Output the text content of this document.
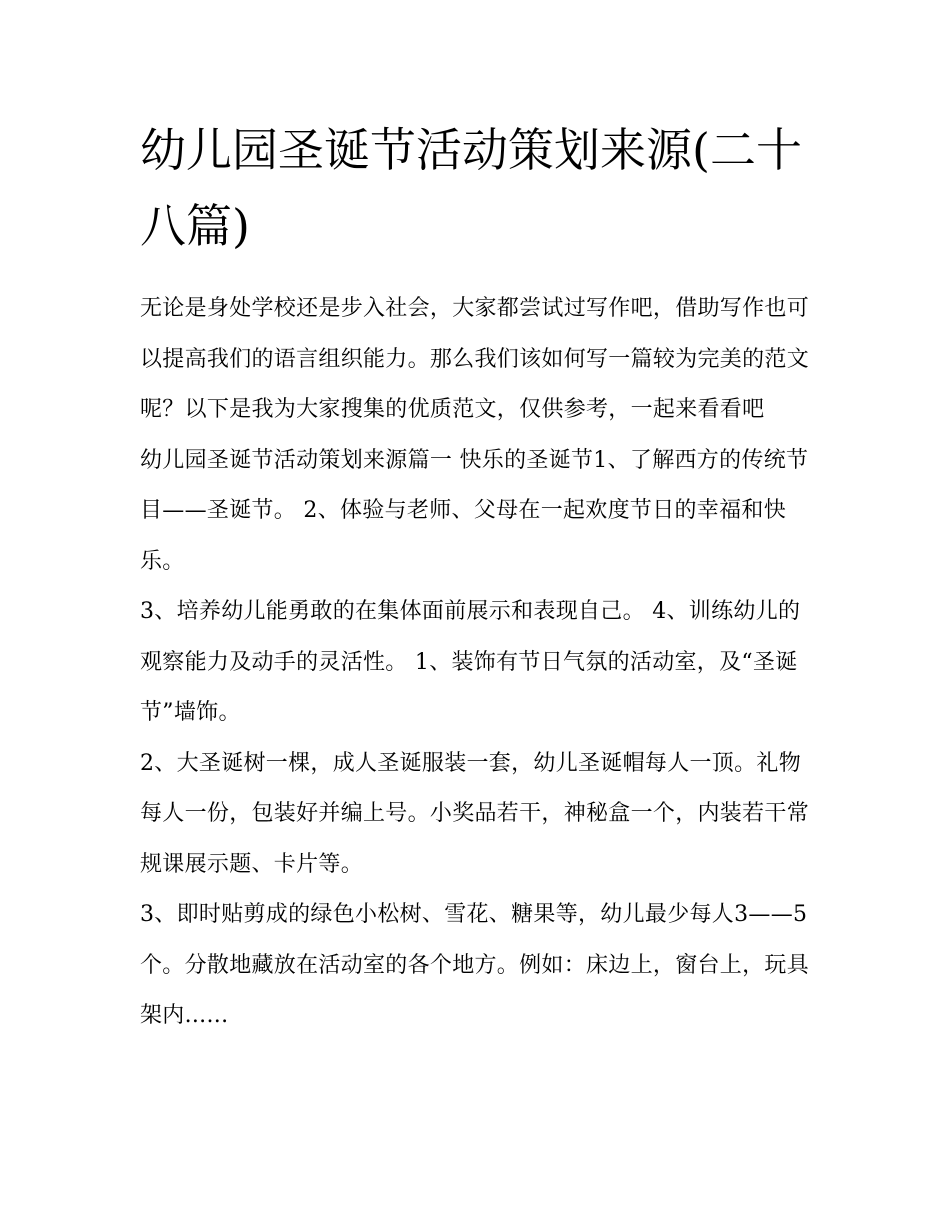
幼儿园圣诞节活动策划来源(二十八篇)

无论是身处学校还是步入社会，大家都尝试过写作吧，借助写作也可以提高我们的语言组织能力。那么我们该如何写一篇较为完美的范文呢？以下是我为大家搜集的优质范文，仅供参考，一起来看看吧

幼儿园圣诞节活动策划来源篇一 快乐的圣诞节1、了解西方的传统节目——圣诞节。 2、体验与老师、父母在一起欢度节日的幸福和快乐。

3、培养幼儿能勇敢的在集体面前展示和表现自己。 4、训练幼儿的观察能力及动手的灵活性。 1、装饰有节日气氛的活动室，及“圣诞节”墙饰。

2、大圣诞树一棵，成人圣诞服装一套，幼儿圣诞帽每人一顶。礼物每人一份，包装好并编上号。小奖品若干，神秘盒一个，内装若干常规课展示题、卡片等。

3、即时贴剪成的绿色小松树、雪花、糖果等，幼儿最少每人3——5个。分散地藏放在活动室的各个地方。例如：床边上，窗台上，玩具架内......
